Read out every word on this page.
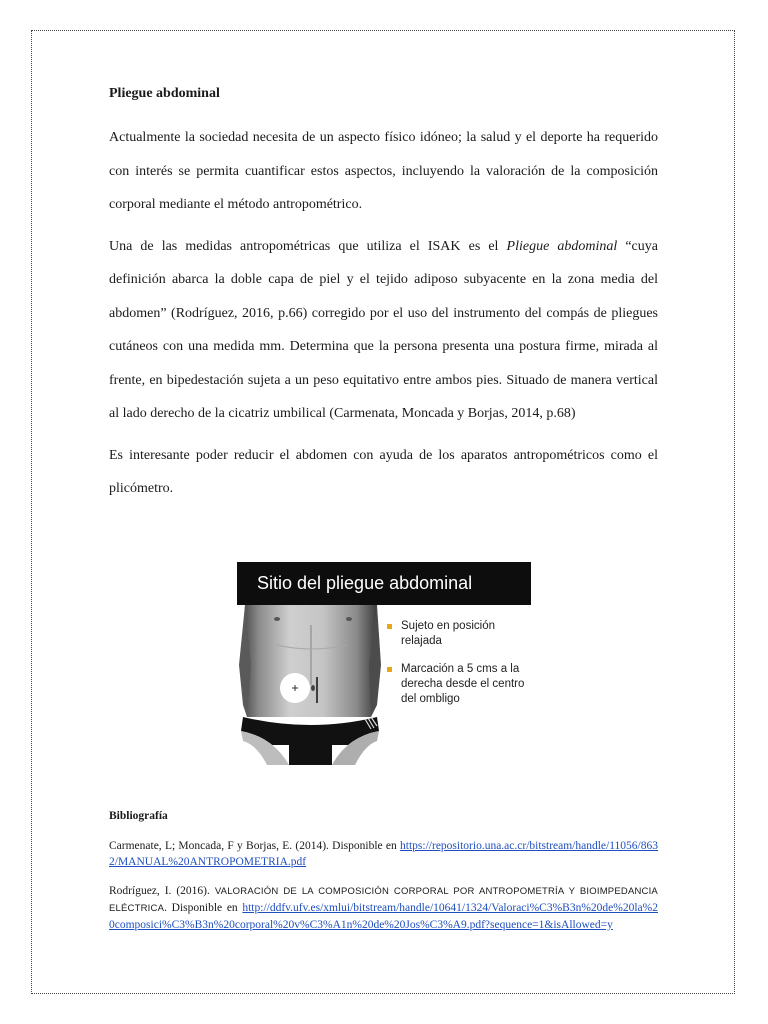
Pliegue abdominal

Actualmente la sociedad necesita de un aspecto físico idóneo; la salud y el deporte ha requerido con interés se permita cuantificar estos aspectos, incluyendo la valoración de la composición corporal mediante el método antropométrico.

Una de las medidas antropométricas que utiliza el ISAK es el Pliegue abdominal “cuya definición abarca la doble capa de piel y el tejido adiposo subyacente en la zona media del abdomen” (Rodríguez, 2016, p.66) corregido por el uso del instrumento del compás de pliegues cutáneos con una medida mm. Determina que la persona presenta una postura firme, mirada al frente, en bipedestación sujeta a un peso equitativo entre ambos pies. Situado de manera vertical al lado derecho de la cicatriz umbilical (Carmenata, Moncada y Borjas, 2014, p.68)

Es interesante poder reducir el abdomen con ayuda de los aparatos antropométricos como el plicómetro.

Sitio del pliegue abdominal
Sujeto en posición relajada
Marcación a 5 cms a la derecha desde el centro del ombligo

Bibliografía

Carmenate, L; Moncada, F y Borjas, E. (2014). Disponible en https://repositorio.una.ac.cr/bitstream/handle/11056/8632/MANUAL%20ANTROPOMETRIA.pdf

Rodríguez, I. (2016). VALORACIÓN DE LA COMPOSICIÓN CORPORAL POR ANTROPOMETRÍA Y BIOIMPEDANCIA ELÉCTRICA. Disponible en http://ddfv.ufv.es/xmlui/bitstream/handle/10641/1324/Valoraci%C3%B3n%20de%20la%20composici%C3%B3n%20corporal%20v%C3%A1n%20de%20Jos%C3%A9.pdf?sequence=1&isAllowed=y
